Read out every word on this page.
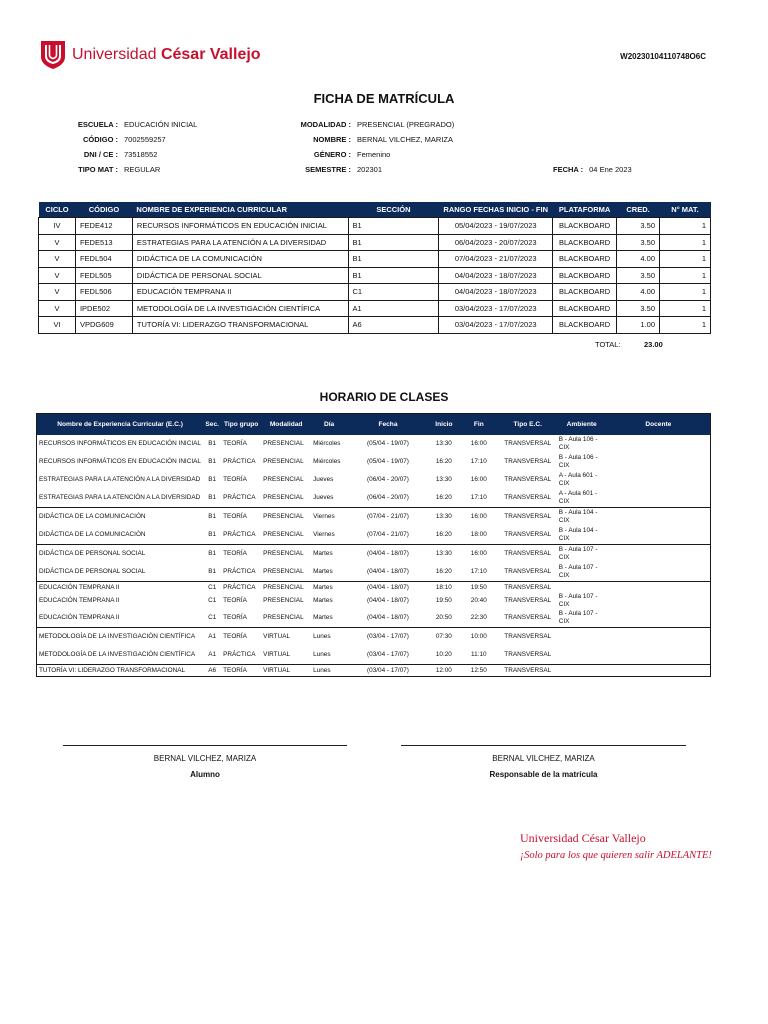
Universidad César Vallejo	W20230104110748O6C
FICHA DE MATRÍCULA
ESCUELA : EDUCACIÓN INICIAL
CÓDIGO : 7002559257
DNI / CE : 73518552
TIPO MAT : REGULAR
MODALIDAD : PRESENCIAL (PREGRADO)
NOMBRE : BERNAL VILCHEZ, MARIZA
GÉNERO : Femenino
SEMESTRE : 202301	FECHA : 04 Ene 2023
CICLO	CÓDIGO	NOMBRE DE EXPERIENCIA CURRICULAR	SECCIÓN	RANGO FECHAS INICIO - FIN	PLATAFORMA	CRED.	N° MAT.
IV	FEDE412	RECURSOS INFORMÁTICOS EN EDUCACIÓN INICIAL	B1	05/04/2023 - 19/07/2023	BLACKBOARD	3.50	1
V	FEDE513	ESTRATEGIAS PARA LA ATENCIÓN A LA DIVERSIDAD	B1	06/04/2023 - 20/07/2023	BLACKBOARD	3.50	1
V	FEDL504	DIDÁCTICA DE LA COMUNICACIÓN	B1	07/04/2023 - 21/07/2023	BLACKBOARD	4.00	1
V	FEDL505	DIDÁCTICA DE PERSONAL SOCIAL	B1	04/04/2023 - 18/07/2023	BLACKBOARD	3.50	1
V	FEDL506	EDUCACIÓN TEMPRANA II	C1	04/04/2023 - 18/07/2023	BLACKBOARD	4.00	1
V	IPDE502	METODOLOGÍA DE LA INVESTIGACIÓN CIENTÍFICA	A1	03/04/2023 - 17/07/2023	BLACKBOARD	3.50	1
VI	VPDG609	TUTORÍA VI: LIDERAZGO TRANSFORMACIONAL	A6	03/04/2023 - 17/07/2023	BLACKBOARD	1.00	1
TOTAL:	23.00
HORARIO DE CLASES
Nombre de Experiencia Curricular (E.C.)	Sec.	Tipo grupo	Modalidad	Día	Fecha	Inicio	Fin	Tipo E.C.	Ambiente	Docente
RECURSOS INFORMÁTICOS EN EDUCACIÓN INICIAL	B1	TEORÍA	PRESENCIAL	Miércoles	(05/04 - 19/07)	13:30	16:00	TRANSVERSAL	B - Aula 106 - CIX	
RECURSOS INFORMÁTICOS EN EDUCACIÓN INICIAL	B1	PRÁCTICA	PRESENCIAL	Miércoles	(05/04 - 19/07)	16:20	17:10	TRANSVERSAL	B - Aula 106 - CIX	
ESTRATEGIAS PARA LA ATENCIÓN A LA DIVERSIDAD	B1	TEORÍA	PRESENCIAL	Jueves	(06/04 - 20/07)	13:30	16:00	TRANSVERSAL	A - Aula 601 - CIX	
ESTRATEGIAS PARA LA ATENCIÓN A LA DIVERSIDAD	B1	PRÁCTICA	PRESENCIAL	Jueves	(06/04 - 20/07)	16:20	17:10	TRANSVERSAL	A - Aula 601 - CIX	
DIDÁCTICA DE LA COMUNICACIÓN	B1	TEORÍA	PRESENCIAL	Viernes	(07/04 - 21/07)	13:30	16:00	TRANSVERSAL	B - Aula 104 - CIX	
DIDÁCTICA DE LA COMUNICACIÓN	B1	PRÁCTICA	PRESENCIAL	Viernes	(07/04 - 21/07)	16:20	18:00	TRANSVERSAL	B - Aula 104 - CIX	
DIDÁCTICA DE PERSONAL SOCIAL	B1	TEORÍA	PRESENCIAL	Martes	(04/04 - 18/07)	13:30	16:00	TRANSVERSAL	B - Aula 107 - CIX	
DIDÁCTICA DE PERSONAL SOCIAL	B1	PRÁCTICA	PRESENCIAL	Martes	(04/04 - 18/07)	16:20	17:10	TRANSVERSAL	B - Aula 107 - CIX	
EDUCACIÓN TEMPRANA II	C1	PRÁCTICA	PRESENCIAL	Martes	(04/04 - 18/07)	18:10	19:50	TRANSVERSAL		
EDUCACIÓN TEMPRANA II	C1	TEORÍA	PRESENCIAL	Martes	(04/04 - 18/07)	19:50	20:40	TRANSVERSAL	B - Aula 107 - CIX	
EDUCACIÓN TEMPRANA II	C1	TEORÍA	PRESENCIAL	Martes	(04/04 - 18/07)	20:50	22:30	TRANSVERSAL	B - Aula 107 - CIX	
METODOLOGÍA DE LA INVESTIGACIÓN CIENTÍFICA	A1	TEORÍA	VIRTUAL	Lunes	(03/04 - 17/07)	07:30	10:00	TRANSVERSAL		
METODOLOGÍA DE LA INVESTIGACIÓN CIENTÍFICA	A1	PRÁCTICA	VIRTUAL	Lunes	(03/04 - 17/07)	10:20	11:10	TRANSVERSAL		
TUTORÍA VI: LIDERAZGO TRANSFORMACIONAL	A6	TEORÍA	VIRTUAL	Lunes	(03/04 - 17/07)	12:00	12:50	TRANSVERSAL		
BERNAL VILCHEZ, MARIZA
Alumno
BERNAL VILCHEZ, MARIZA
Responsable de la matrícula
Universidad César Vallejo
¡Solo para los que quieren salir ADELANTE!
